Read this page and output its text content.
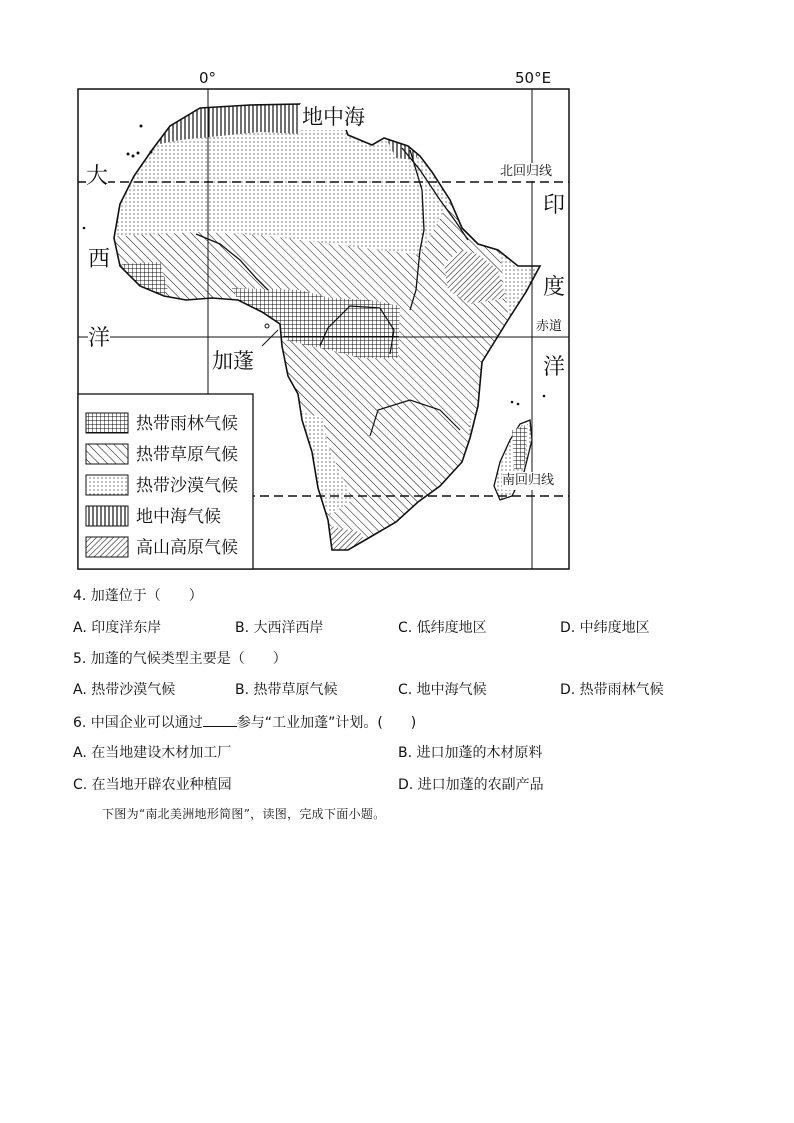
0°	50°E
地中海
北回归线
赤道
南回归线
大
西
洋
印
度
洋
加蓬
热带雨林气候
热带草原气候
热带沙漠气候
地中海气候
高山高原气候
4. 加蓬位于（　　）
A. 印度洋东岸	B. 大西洋西岸	C. 低纬度地区	D. 中纬度地区
5. 加蓬的气候类型主要是（　　）
A. 热带沙漠气候	B. 热带草原气候	C. 地中海气候	D. 热带雨林气候
6. 中国企业可以通过 参与“工业加蓬”计划。(　　)
A. 在当地建设木材加工厂	B. 进口加蓬的木材原料
C. 在当地开辟农业种植园	D. 进口加蓬的农副产品
下图为“南北美洲地形简图”，读图，完成下面小题。
